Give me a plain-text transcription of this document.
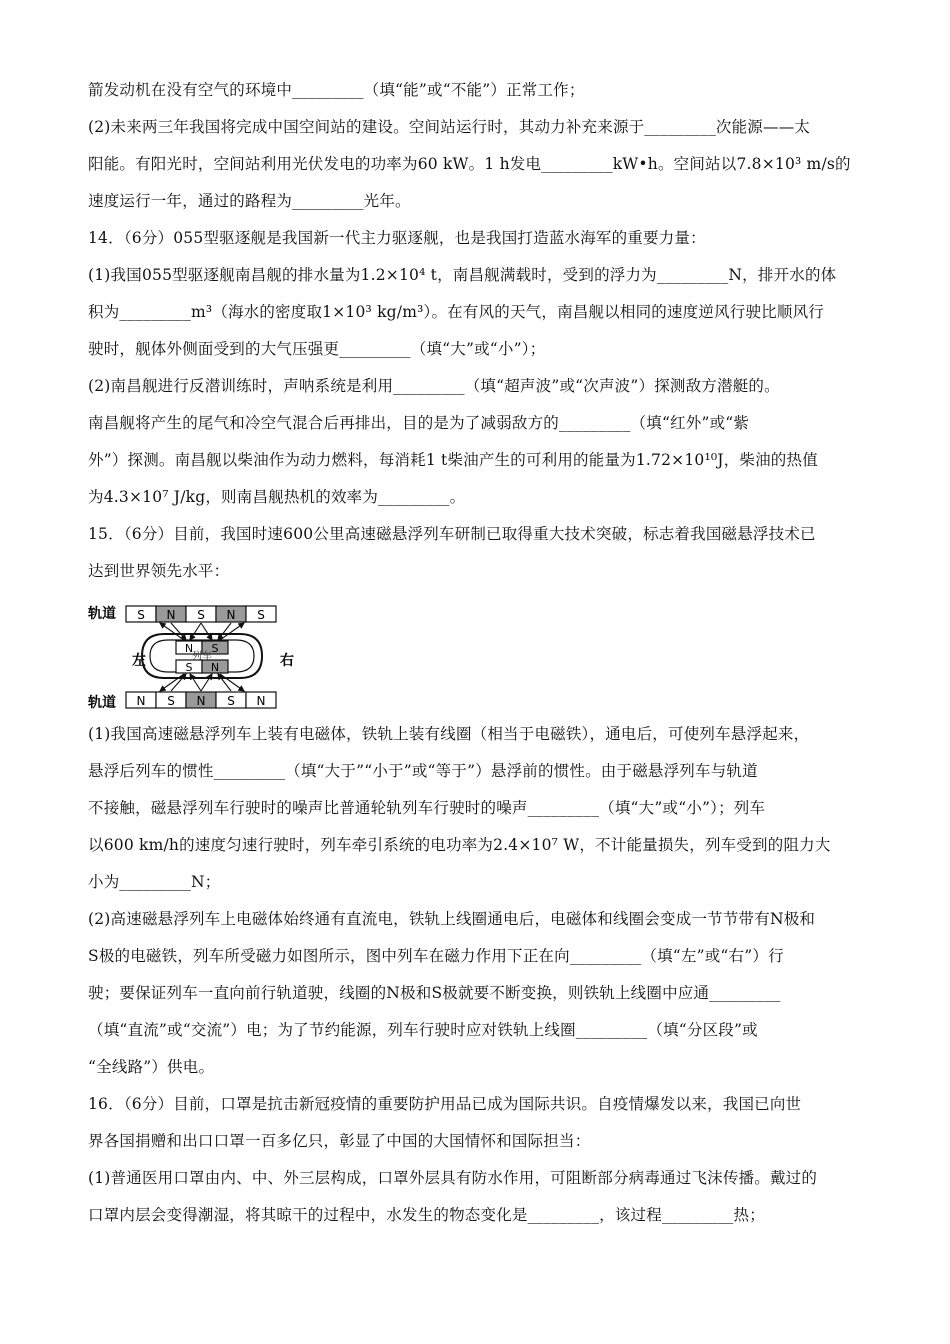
箭发动机在没有空气的环境中_________（填“能”或“不能”）正常工作；
(2)未来两三年我国将完成中国空间站的建设。空间站运行时，其动力补充来源于_________次能源——太
阳能。有阳光时，空间站利用光伏发电的功率为60 kW。1 h发电_________kW•h。空间站以7.8×10³ m/s的
速度运行一年，通过的路程为_________光年。
14．（6分）055型驱逐舰是我国新一代主力驱逐舰，也是我国打造蓝水海军的重要力量：
(1)我国055型驱逐舰南昌舰的排水量为1.2×10⁴ t，南昌舰满载时，受到的浮力为_________N，排开水的体
积为_________m³（海水的密度取1×10³ kg/m³）。在有风的天气，南昌舰以相同的速度逆风行驶比顺风行
驶时，舰体外侧面受到的大气压强更_________（填“大”或“小”）；
(2)南昌舰进行反潜训练时，声呐系统是利用_________（填“超声波”或“次声波”）探测敌方潜艇的。
南昌舰将产生的尾气和冷空气混合后再排出，目的是为了减弱敌方的_________（填“红外”或“紫
外”）探测。南昌舰以柴油作为动力燃料，每消耗1 t柴油产生的可利用的能量为1.72×10¹⁰J，柴油的热值
为4.3×10⁷ J/kg，则南昌舰热机的效率为_________。
15．（6分）目前，我国时速600公里高速磁悬浮列车研制已取得重大技术突破，标志着我国磁悬浮技术已
达到世界领先水平：
轨道
轨道
左	右
S N S N S
N S N S N
N S
S N
列车
(1)我国高速磁悬浮列车上装有电磁体，铁轨上装有线圈（相当于电磁铁），通电后，可使列车悬浮起来，
悬浮后列车的惯性_________（填“大于”“小于”或“等于”）悬浮前的惯性。由于磁悬浮列车与轨道
不接触，磁悬浮列车行驶时的噪声比普通轮轨列车行驶时的噪声_________（填“大”或“小”）；列车
以600 km/h的速度匀速行驶时，列车牵引系统的电功率为2.4×10⁷ W，不计能量损失，列车受到的阻力大
小为_________N；
(2)高速磁悬浮列车上电磁体始终通有直流电，铁轨上线圈通电后，电磁体和线圈会变成一节节带有N极和
S极的电磁铁，列车所受磁力如图所示，图中列车在磁力作用下正在向_________（填“左”或“右”）行
驶；要保证列车一直向前行轨道驶，线圈的N极和S极就要不断变换，则铁轨上线圈中应通_________
（填“直流”或“交流”）电；为了节约能源，列车行驶时应对铁轨上线圈_________（填“分区段”或
“全线路”）供电。
16．（6分）目前，口罩是抗击新冠疫情的重要防护用品已成为国际共识。自疫情爆发以来，我国已向世
界各国捐赠和出口口罩一百多亿只，彰显了中国的大国情怀和国际担当：
(1)普通医用口罩由内、中、外三层构成，口罩外层具有防水作用，可阻断部分病毒通过飞沫传播。戴过的
口罩内层会变得潮湿，将其晾干的过程中，水发生的物态变化是_________，该过程_________热；
